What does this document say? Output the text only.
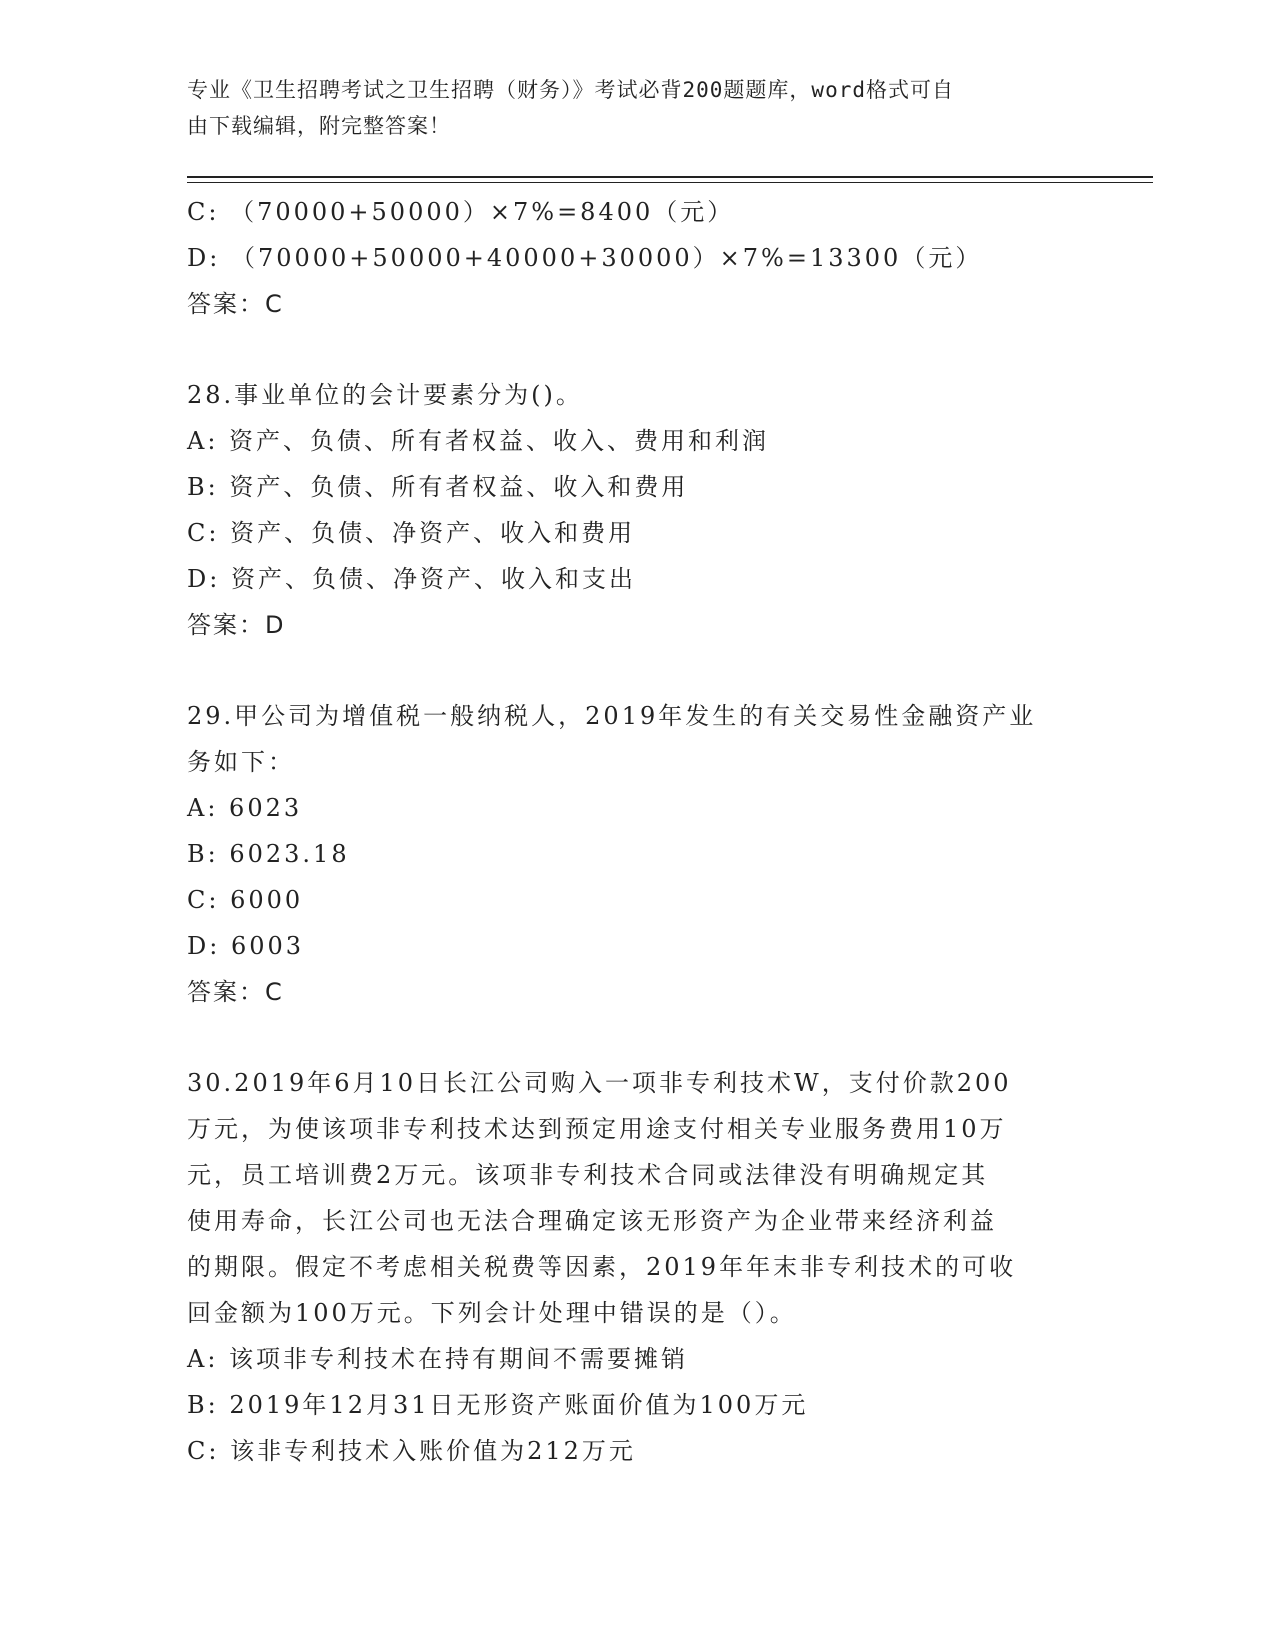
专业《卫生招聘考试之卫生招聘（财务）》考试必背200题题库，word格式可自
由下载编辑，附完整答案！
C: （70000+50000）×7%=8400（元）
D: （70000+50000+40000+30000）×7%=13300（元）
答案：C
28.事业单位的会计要素分为()。
A: 资产、负债、所有者权益、收入、费用和利润
B: 资产、负债、所有者权益、收入和费用
C: 资产、负债、净资产、收入和费用
D: 资产、负债、净资产、收入和支出
答案：D
29.甲公司为增值税一般纳税人，2019年发生的有关交易性金融资产业
务如下：
A: 6023
B: 6023.18
C: 6000
D: 6003
答案：C
30.2019年6月10日长江公司购入一项非专利技术W，支付价款200
万元，为使该项非专利技术达到预定用途支付相关专业服务费用10万
元，员工培训费2万元。该项非专利技术合同或法律没有明确规定其
使用寿命，长江公司也无法合理确定该无形资产为企业带来经济利益
的期限。假定不考虑相关税费等因素，2019年年末非专利技术的可收
回金额为100万元。下列会计处理中错误的是（）。
A: 该项非专利技术在持有期间不需要摊销
B: 2019年12月31日无形资产账面价值为100万元
C: 该非专利技术入账价值为212万元
